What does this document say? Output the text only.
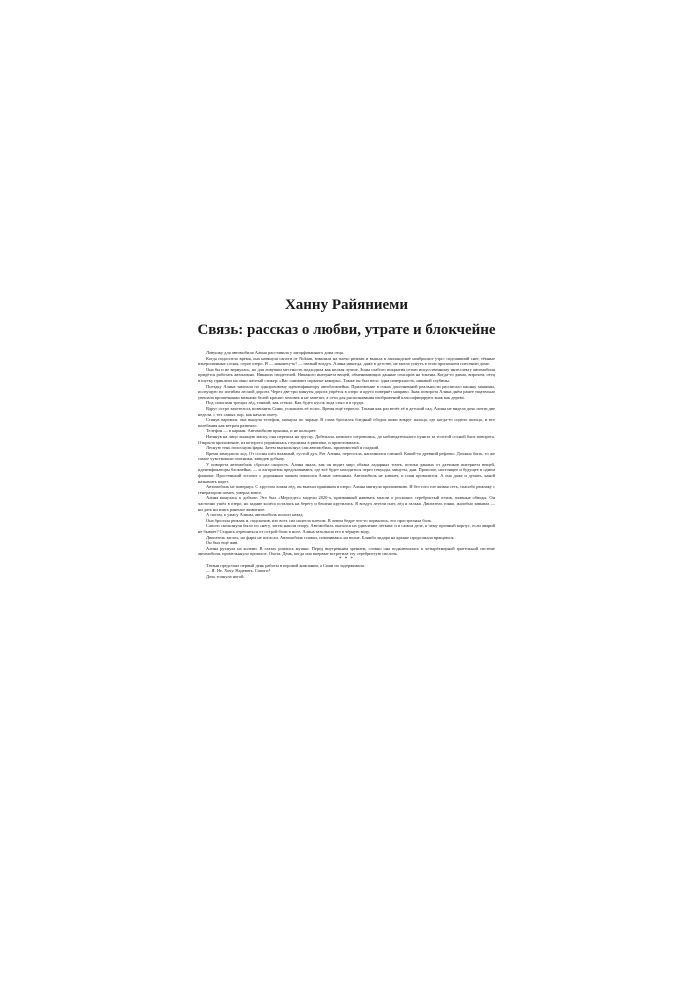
Ханну Райяниеми
Связь: рассказ о любви, утрате и блокчейне

Ловушку для автомобиля Алина расставила у заторфованного дома отца.

Когда подоспело время, она натянула сапоги от Nokian, взвалила на плечо рюкзак и вышла в лапландское ноябрьское утро: подтаявший снег, тёмные взъерошенные сосны, серое озеро. И — наконец-то! — свежий воздух. Алина никогда, даже в детстве, не могла уснуть в этом пропахшем плесенью доме.

Она бы и не вернулась, но для ловушки местность подходила как нельзя лучше. Зоны слабого покрытия сетью искусственному интеллекту автомобиля придётся работать автономно. Никаких свидетелей. Никакого интернета вещей, обменивающих данные сенсоров на токены. Когда-то давно, впрочем, отец в шутку приклеил на окно жёлтый стикер: «Вас снимают скрытые камеры». Также он был весь: одна поверхность, никакой глубины.

Поездку Алина заказала по одноразовому идентификатору автоблокчейна. Приложение в очках дополненной реальности расписало иконку машины, ползущую по изгибам лесной дороги. Через две-три минуты дорога упрётся в озеро и круто повернёт направо. Знак поворота Алина днём ранее тщательно увешала крошечными мазками белой краски: человек и не заметит, а сети для распознавания изображений классифицируют знак как дерево.

Под сапогами трещал лёд, тонкий, как стекло. Как будто кусок льда стыл и в груди.

Вдруг остро захотелось позвонить Сини, услышать её голос. Время ещё терпело. Татани как раз везёт её в детский сад. Алина не видела дочь почти две недели, с тех самых пор, как начала охоту.

Стянув варежки, она вынула телефон, мазнула по экрану. В глаза бросился бледный ободок кожи вокруг пальца, где когда-то сидело кольцо, и все колебания как ветром развеяло.

Телефон — в карман. Автомобилю крышка, и не кольцает.

Натянув на лицо лыжную маску, она перешла на трусцу. Добежала, немного согревшись, до наблюдательного пункта за толстой сосной близ поворота. Открыла приложение, из которого управлялась глушилка в рюкзаке, и приготовилась.

Лесную тень полоснули фары. Затем выскользнул сам автомобиль, приземистый и гладкий.

Время замедлило ход. От сосны шёл влажный, густой дух. Рот Алины, пересохла, наполнился слюной. Какой-то древний рефлекс. Должно быть, то же самое чувствовали охотники, завидев добычу.

У поворота автомобиль сбросил скорость. Алина знала, как он видит мир: облака ладарных точек, потоки данных от датчиков интернета вещей, идентификаторы блокчейна, — и алгоритмы предсказывают, где всё будет находиться через секунды, минуты, дни. Прошлое, настоящее и будущее в одном флаконе. Простенький эстоонт с дорожным знаком покоился Алине смешным. Автомобиль не клюнет, и план провалится. А она даже и думать, какой назначить кадет.

Автомобиль не повернул. С хрустом ломая лёд, он выехал прямиком в озеро. Алина мигнула приложению. И без того еле живая сеть, спасибо рюкзаку с генератором помех, умерла вовсе.

Алина кинулась к добыче. Это был «Мерседес» модели 2020-х, призванный навевать мысли о роскоши: серебристый отлив, плавные обводы. Он частично ушёл в озеро, но задние колёса остались на берегу и бешено крутились. В воздух летели снег, лёд и галька. Двигатель тонко, жалобно завывал — ни дать ни взять раненое животное.

А потом, к ужасу Алины, автомобиль пополз назад.

Она бросила рюкзак и, подскочив, изо всех сил налегла плечом. В левом бедре что-то порвалось, его прострелила боль.

Сапоги скользнули было по снегу, затем нашли опору. Автомобиль оказался на удивление лёгким: и в самом деле, к чему прочный корпус, если аварий не бывает? Старясь отрешиться от острой боли в ноге, Алина затолкала его в чёрную воду.

Двигатель заглох, но фары не погасли. Автомобиль плавал, покачиваясь на волне. Блямба лидара на крыше продолжала вращаться.

Он был ещё жив.

Алина рухнула на колени. В глазах роились мушки. Перед внутренним зрением, словно она подключилась к четырёхмерной зрительной системе автомобиля, промелькнуло прошлое. Охота. День, когда она впервые встретила эту серебристую сволочь.

* * *

Татани предстоял первый день работы в игровой компании, а Сини их задерживала.

— Я. Не. Хочу. Надевать. Сапоги!

Дочь топнула ногой.
